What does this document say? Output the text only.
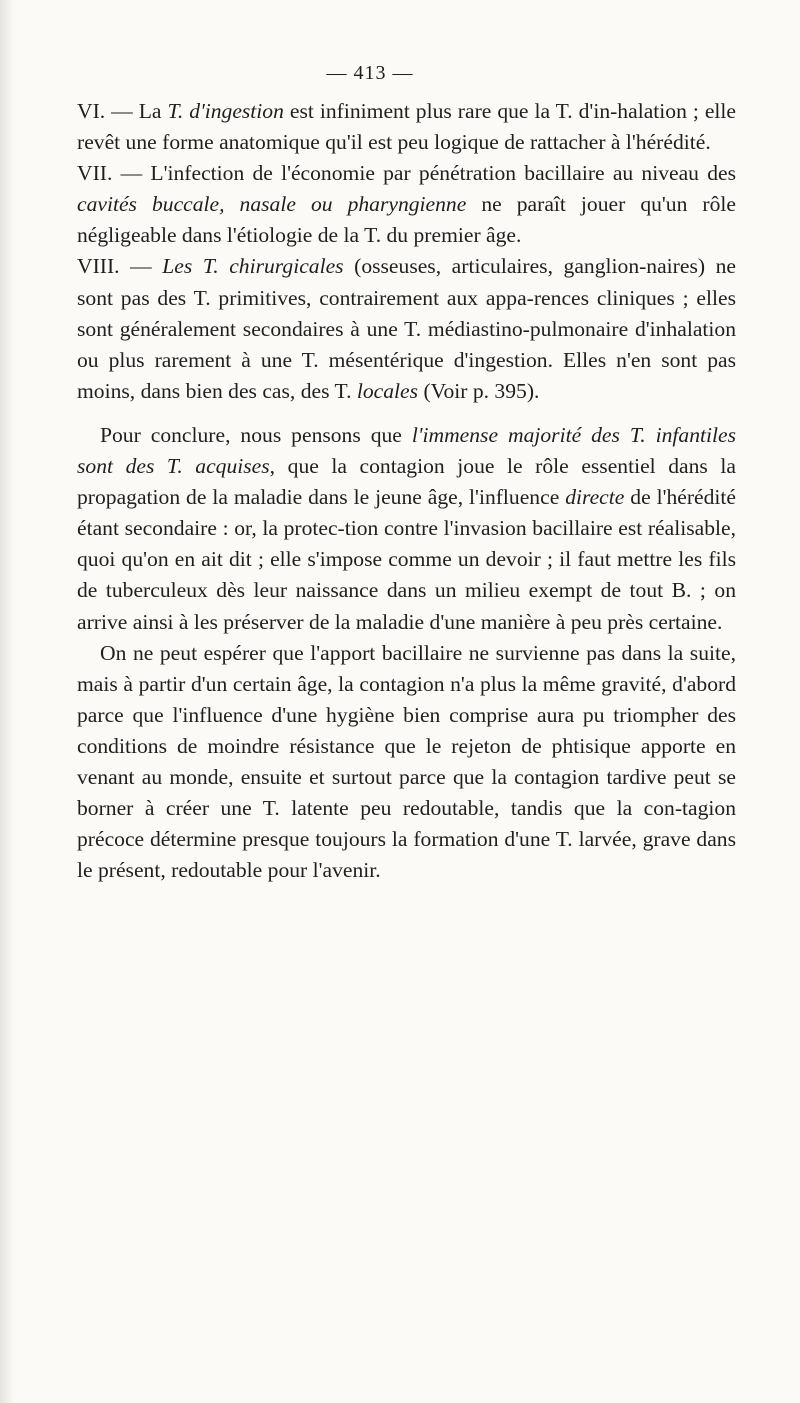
— 413 —

VI. — La T. d'ingestion est infiniment plus rare que la T. d'in-halation ; elle revêt une forme anatomique qu'il est peu logique de rattacher à l'hérédité.

VII. — L'infection de l'économie par pénétration bacillaire au niveau des cavités buccale, nasale ou pharyngienne ne paraît jouer qu'un rôle négligeable dans l'étiologie de la T. du premier âge.

VIII. — Les T. chirurgicales (osseuses, articulaires, ganglion-naires) ne sont pas des T. primitives, contrairement aux appa-rences cliniques ; elles sont généralement secondaires à une T. médiastino-pulmonaire d'inhalation ou plus rarement à une T. mésentérique d'ingestion. Elles n'en sont pas moins, dans bien des cas, des T. locales (Voir p. 395).

Pour conclure, nous pensons que l'immense majorité des T. infantiles sont des T. acquises, que la contagion joue le rôle essentiel dans la propagation de la maladie dans le jeune âge, l'influence directe de l'hérédité étant secondaire : or, la protec-tion contre l'invasion bacillaire est réalisable, quoi qu'on en ait dit ; elle s'impose comme un devoir ; il faut mettre les fils de tuberculeux dès leur naissance dans un milieu exempt de tout B. ; on arrive ainsi à les préserver de la maladie d'une manière à peu près certaine.

On ne peut espérer que l'apport bacillaire ne survienne pas dans la suite, mais à partir d'un certain âge, la contagion n'a plus la même gravité, d'abord parce que l'influence d'une hygiène bien comprise aura pu triompher des conditions de moindre résistance que le rejeton de phtisique apporte en venant au monde, ensuite et surtout parce que la contagion tardive peut se borner à créer une T. latente peu redoutable, tandis que la con-tagion précoce détermine presque toujours la formation d'une T. larvée, grave dans le présent, redoutable pour l'avenir.
